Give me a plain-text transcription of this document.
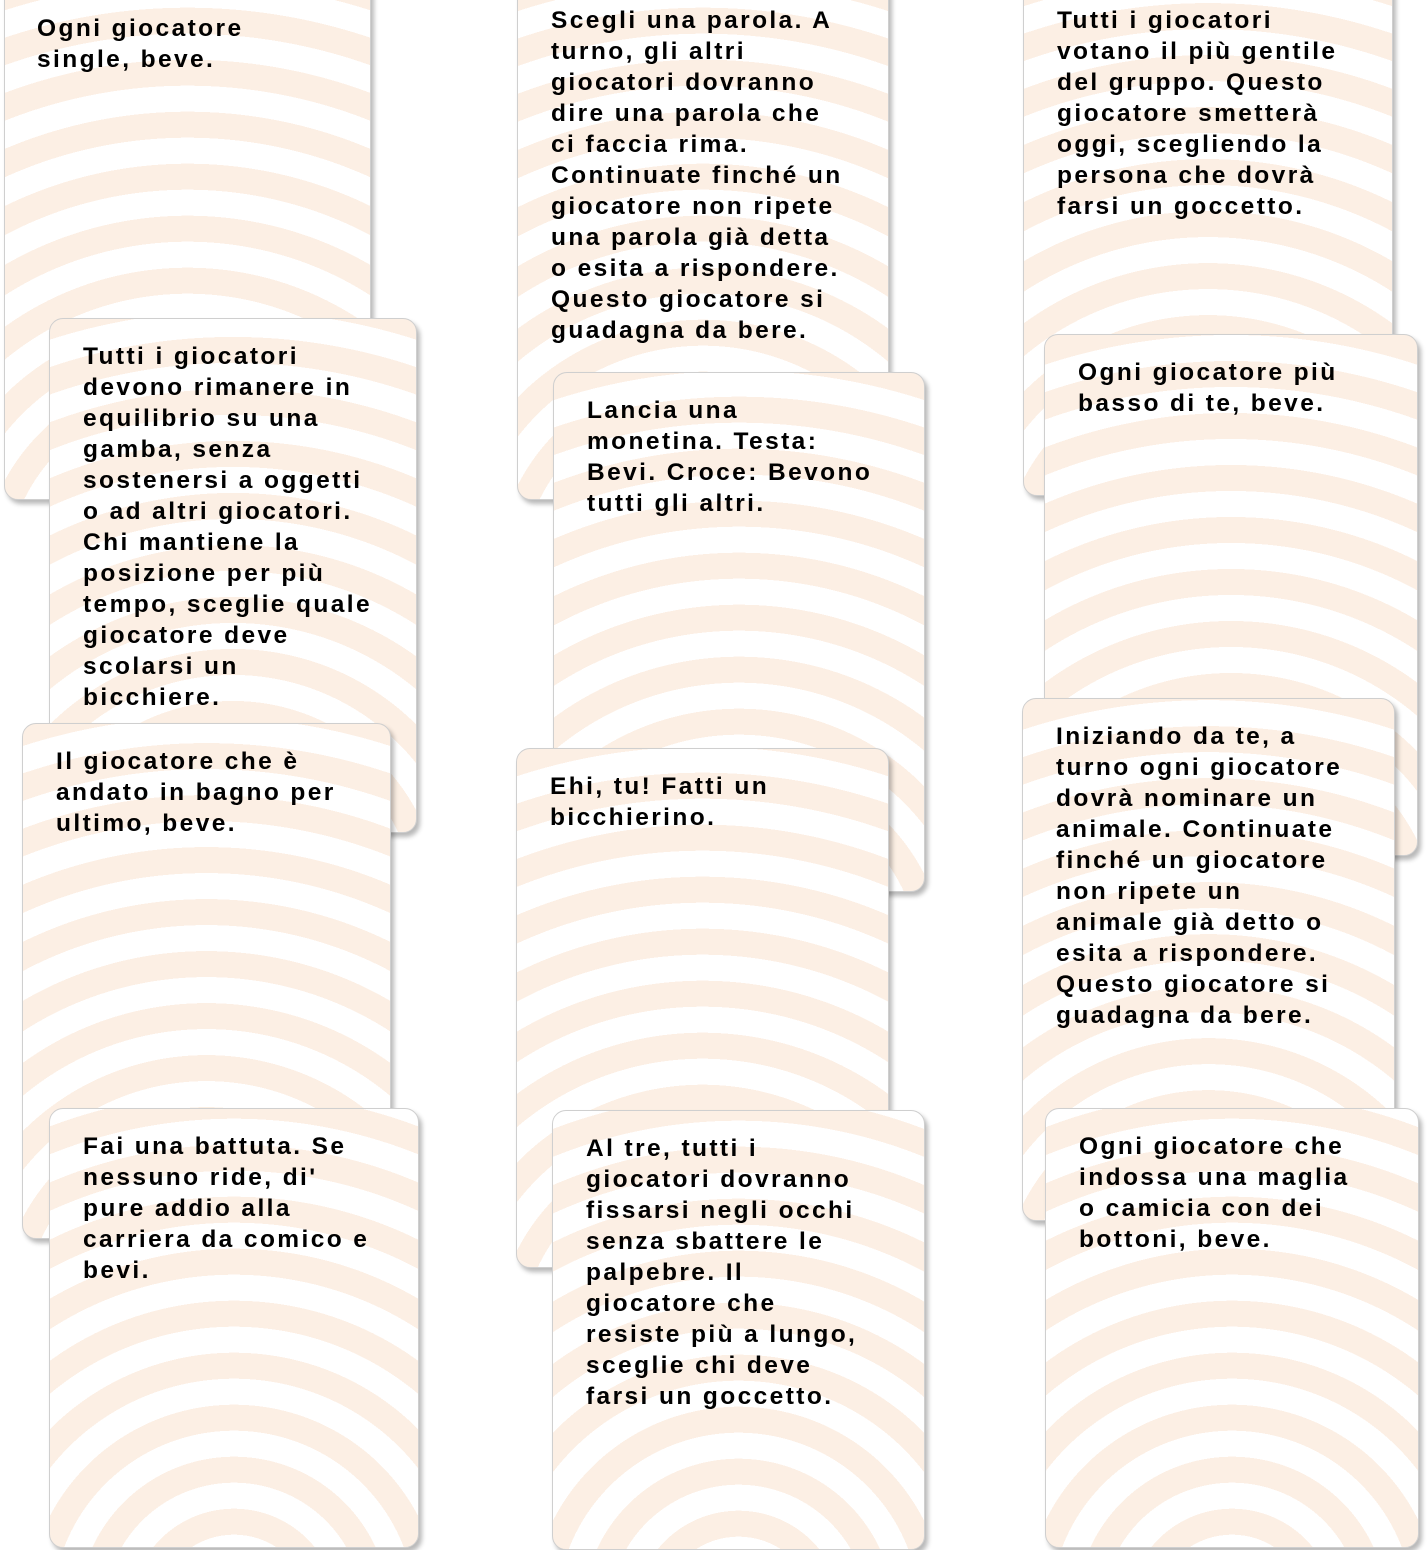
Ogni giocatore
single, beve.

Scegli una parola. A
turno, gli altri
giocatori dovranno
dire una parola che
ci faccia rima.
Continuate finché un
giocatore non ripete
una parola già detta
o esita a rispondere.
Questo giocatore si
guadagna da bere.

Tutti i giocatori
votano il più gentile
del gruppo. Questo
giocatore smetterà
oggi, scegliendo la
persona che dovrà
farsi un goccetto.

Tutti i giocatori
devono rimanere in
equilibrio su una
gamba, senza
sostenersi a oggetti
o ad altri giocatori.
Chi mantiene la
posizione per più
tempo, sceglie quale
giocatore deve
scolarsi un
bicchiere.

Lancia una
monetina. Testa:
Bevi. Croce: Bevono
tutti gli altri.

Ogni giocatore più
basso di te, beve.

Il giocatore che è
andato in bagno per
ultimo, beve.

Ehi, tu! Fatti un
bicchierino.

Iniziando da te, a
turno ogni giocatore
dovrà nominare un
animale. Continuate
finché un giocatore
non ripete un
animale già detto o
esita a rispondere.
Questo giocatore si
guadagna da bere.

Fai una battuta. Se
nessuno ride, di'
pure addio alla
carriera da comico e
bevi.

Al tre, tutti i
giocatori dovranno
fissarsi negli occhi
senza sbattere le
palpebre. Il
giocatore che
resiste più a lungo,
sceglie chi deve
farsi un goccetto.

Ogni giocatore che
indossa una maglia
o camicia con dei
bottoni, beve.
